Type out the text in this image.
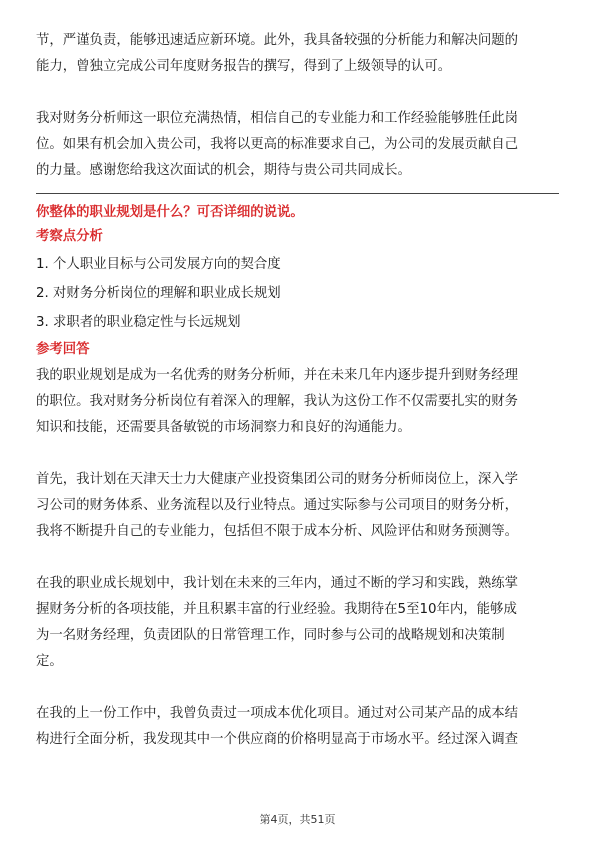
节，严谨负责，能够迅速适应新环境。此外，我具备较强的分析能力和解决问题的
能力，曾独立完成公司年度财务报告的撰写，得到了上级领导的认可。

我对财务分析师这一职位充满热情，相信自己的专业能力和工作经验能够胜任此岗
位。如果有机会加入贵公司，我将以更高的标准要求自己，为公司的发展贡献自己
的力量。感谢您给我这次面试的机会，期待与贵公司共同成长。

你整体的职业规划是什么？可否详细的说说。

考察点分析

1. 个人职业目标与公司发展方向的契合度
2. 对财务分析岗位的理解和职业成长规划
3. 求职者的职业稳定性与长远规划

参考回答

我的职业规划是成为一名优秀的财务分析师，并在未来几年内逐步提升到财务经理
的职位。我对财务分析岗位有着深入的理解，我认为这份工作不仅需要扎实的财务
知识和技能，还需要具备敏锐的市场洞察力和良好的沟通能力。

首先，我计划在天津天士力大健康产业投资集团公司的财务分析师岗位上，深入学
习公司的财务体系、业务流程以及行业特点。通过实际参与公司项目的财务分析，
我将不断提升自己的专业能力，包括但不限于成本分析、风险评估和财务预测等。

在我的职业成长规划中，我计划在未来的三年内，通过不断的学习和实践，熟练掌
握财务分析的各项技能，并且积累丰富的行业经验。我期待在5至10年内，能够成
为一名财务经理，负责团队的日常管理工作，同时参与公司的战略规划和决策制
定。

在我的上一份工作中，我曾负责过一项成本优化项目。通过对公司某产品的成本结
构进行全面分析，我发现其中一个供应商的价格明显高于市场水平。经过深入调查

第4页，共51页
